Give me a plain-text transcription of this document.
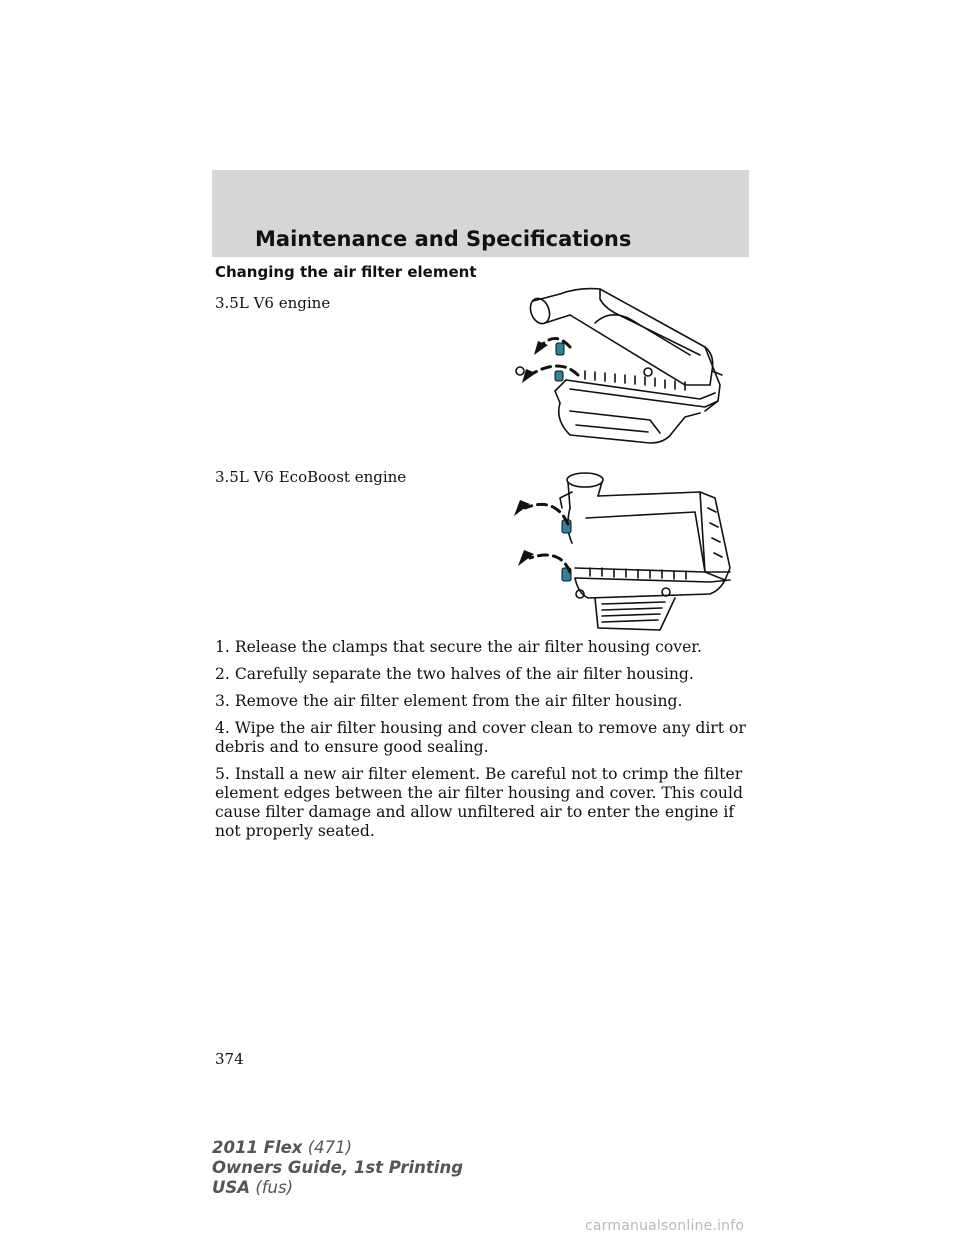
Maintenance and Specifications
Changing the air filter element
3.5L V6 engine
3.5L V6 EcoBoost engine

1. Release the clamps that secure the air filter housing cover.

2. Carefully separate the two halves of the air filter housing.

3. Remove the air filter element from the air filter housing.

4. Wipe the air filter housing and cover clean to remove any dirt or debris and to ensure good sealing.

5. Install a new air filter element. Be careful not to crimp the filter element edges between the air filter housing and cover. This could cause filter damage and allow unfiltered air to enter the engine if not properly seated.

374
2011 Flex (471)
Owners Guide, 1st Printing
USA (fus)
carmanualsonline.info
